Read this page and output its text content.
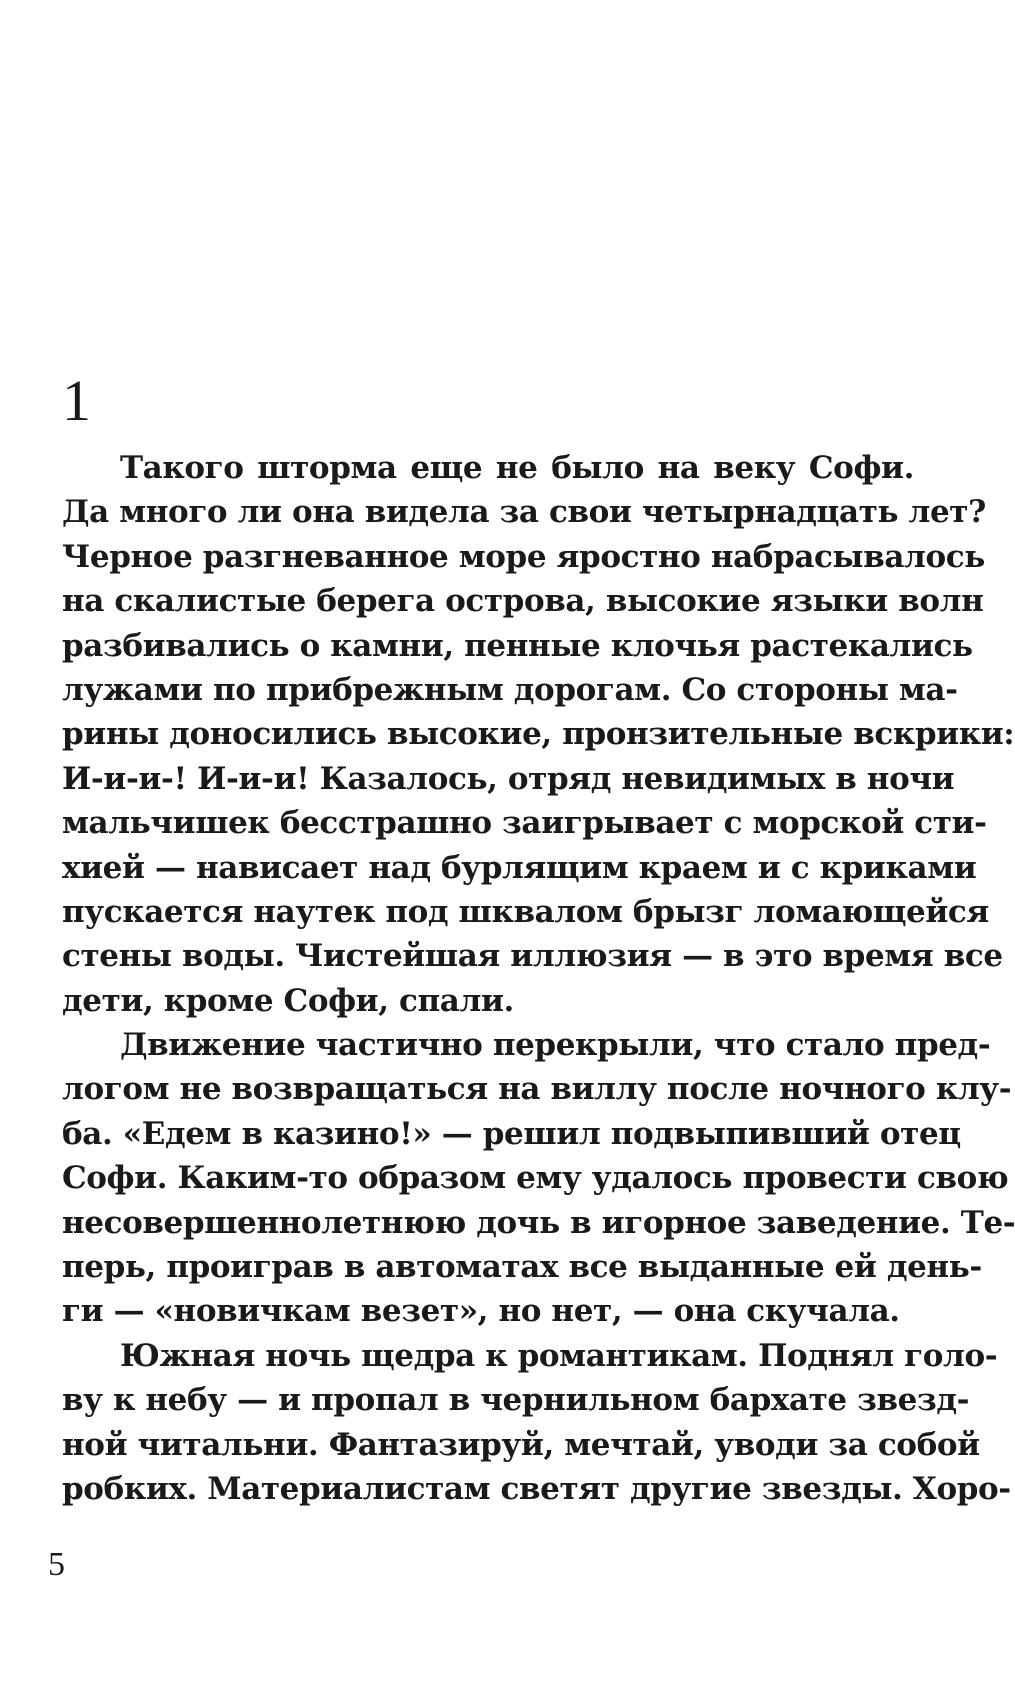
1
Такого шторма еще не было на веку Софи.
Да много ли она видела за свои четырнадцать лет?
Черное разгневанное море яростно набрасывалось
на скалистые берега острова, высокие языки волн
разбивались о камни, пенные клочья растекались
лужами по прибрежным дорогам. Со стороны ма-
рины доносились высокие, пронзительные вскрики:
И-и-и-! И-и-и! Казалось, отряд невидимых в ночи
мальчишек бесстрашно заигрывает с морской сти-
хией — нависает над бурлящим краем и с криками
пускается наутек под шквалом брызг ломающейся
стены воды. Чистейшая иллюзия — в это время все
дети, кроме Софи, спали.
Движение частично перекрыли, что стало пред-
логом не возвращаться на виллу после ночного клу-
ба. «Едем в казино!» — решил подвыпивший отец
Софи. Каким-то образом ему удалось провести свою
несовершеннолетнюю дочь в игорное заведение. Те-
перь, проиграв в автоматах все выданные ей день-
ги — «новичкам везет», но нет, — она скучала.
Южная ночь щедра к романтикам. Поднял голо-
ву к небу — и пропал в чернильном бархате звезд-
ной читальни. Фантазируй, мечтай, уводи за собой
робких. Материалистам светят другие звезды. Хоро-
5
